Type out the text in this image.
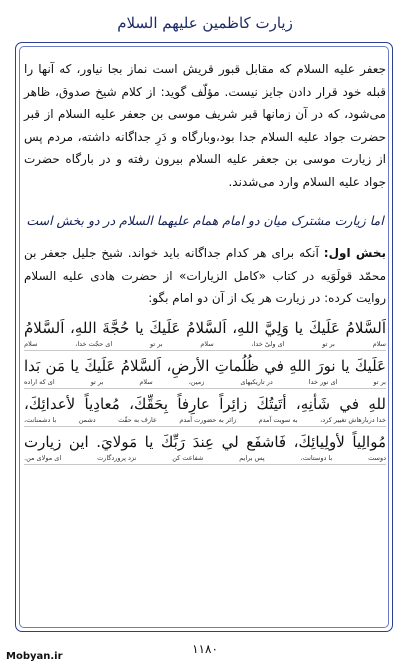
زیارت کاظمین عليهم السلام

جعفر عليه السلام كه مقابل قبور قريش است نماز بجا نياور، كه آنها را قبله خود قرار دادن جایز نيست. مؤلّف گوید: از كلام شیخ صدوق، ظاهر می‌شود، كه در آن زمانها قبر شريف موسى بن جعفر عليه السلام از قبر حضرت جواد عليه السلام جدا بود،وبارگاه و دَرِ جداگانه داشته، مردم پس از زيارت موسى بن جعفر عليه السلام بيرون رفته و در بارگاه حضرت جواد عليه السلام وارد می‌شدند.

اما زیارت مشترک میان دو امام همام علیهما السلام در دو بخش است

بخش اول: آنكه براى هر كدام جداگانه بايد خواند. شيخ جليل جعفر بن محمّد قولَوَيه در كتاب «كامل الزيارات» از حضرت هادى عليه السلام روايت كرده: در زيارت هر يک از آن دو امام بگو:

اَلسَّلامُ عَلَيكَ يا وَلِيَّ اللهِ، اَلسَّلامُ عَلَيكَ يا حُجَّةَ اللهِ، اَلسَّلامُ

سلام
بر تو
ای ولیّ خدا،
سلام
بر تو
ای حجّت خدا،
سلام

عَلَيكَ يا نورَ اللهِ في ظُلُماتِ الأرضِ، اَلسَّلامُ عَلَيكَ يا مَن بَدا

بر تو
ای نور خدا
در تاریکیهای
زمین،
سلام
بر تو
ای که اراده

للهِ في شَأنِهِ، أتَيتُكَ زائِراً عارِفاً بِحَقِّكَ، مُعادِياً لأعدائِكَ،

خدا دربارهاش تغییر کرد،
به سویت آمدم
زائر به حضورت آمدم
عارف به حقّت
دشمن
با دشمنانت،

مُوالِياً لأولِيائِكَ، فَاشفَع لي عِندَ رَبِّكَ يا مَولايَ. این زيارت

دوست
با دوستانت،
پس برایم
شفاعت کن
نزد پروردگارت
ای مولای من.
۱۱۸۰
Mobyan.ir
